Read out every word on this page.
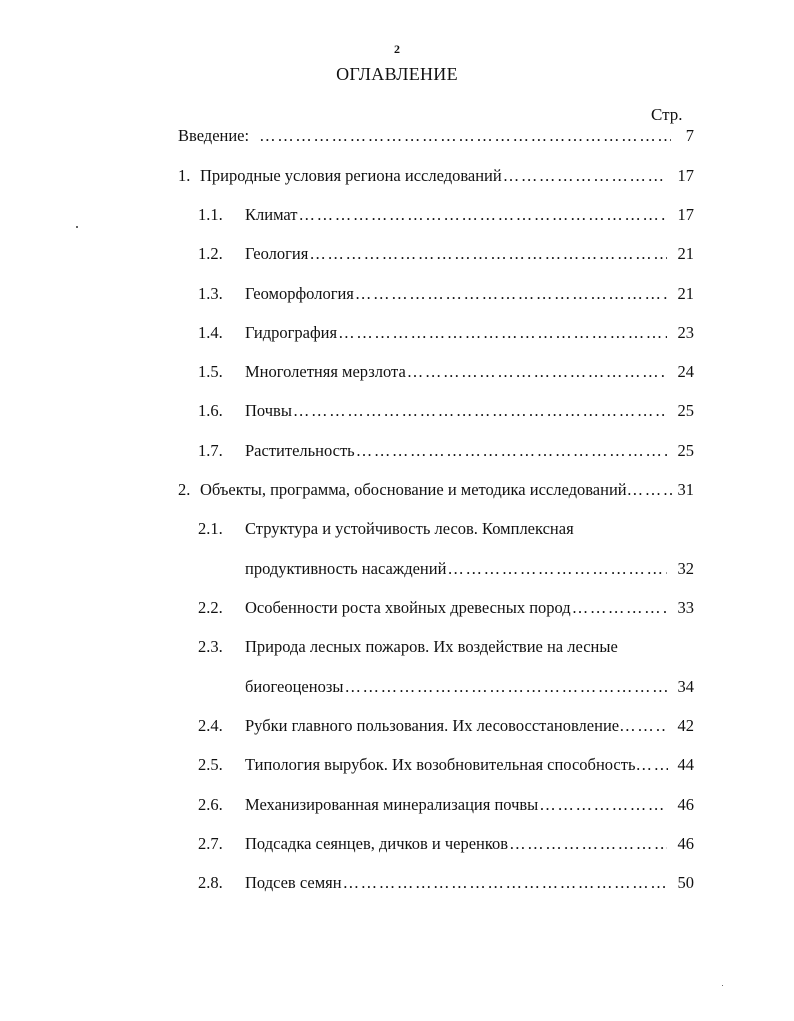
2
ОГЛАВЛЕНИЕ
Стр.
Введение: …………………………………………………………………………………………………………………………………………	7
1. Природные условия региона исследований …………………………………………………………………………………………………………………………………………	17
1.1.	Климат …………………………………………………………………………………………………………………………………………	17
1.2.	Геология …………………………………………………………………………………………………………………………………………	21
1.3.	Геоморфология …………………………………………………………………………………………………………………………………………	21
1.4.	Гидрография …………………………………………………………………………………………………………………………………………	23
1.5.	Многолетняя мерзлота …………………………………………………………………………………………………………………………………………	24
1.6.	Почвы …………………………………………………………………………………………………………………………………………	25
1.7.	Растительность …………………………………………………………………………………………………………………………………………	25
2. Объекты, программа, обоснование и методика исследований …………………………………………………………………………………………………………………………………………	31
2.1.	Структура и устойчивость лесов. Комплексная
продуктивность насаждений …………………………………………………………………………………………………………………………………………	32
2.2.	Особенности роста хвойных древесных пород …………………………………………………………………………………………………………………………………………	33
2.3.	Природа лесных пожаров. Их воздействие на лесные
биогеоценозы …………………………………………………………………………………………………………………………………………	34
2.4.	Рубки главного пользования. Их лесовосстановление …………………………………………………………………………………………………………………………………………	42
2.5.	Типология вырубок. Их возобновительная способность …………………………………………………………………………………………………………………………………………	44
2.6.	Механизированная минерализация почвы …………………………………………………………………………………………………………………………………………	46
2.7.	Подсадка сеянцев, дичков и черенков …………………………………………………………………………………………………………………………………………	46
2.8.	Подсев семян …………………………………………………………………………………………………………………………………………	50
